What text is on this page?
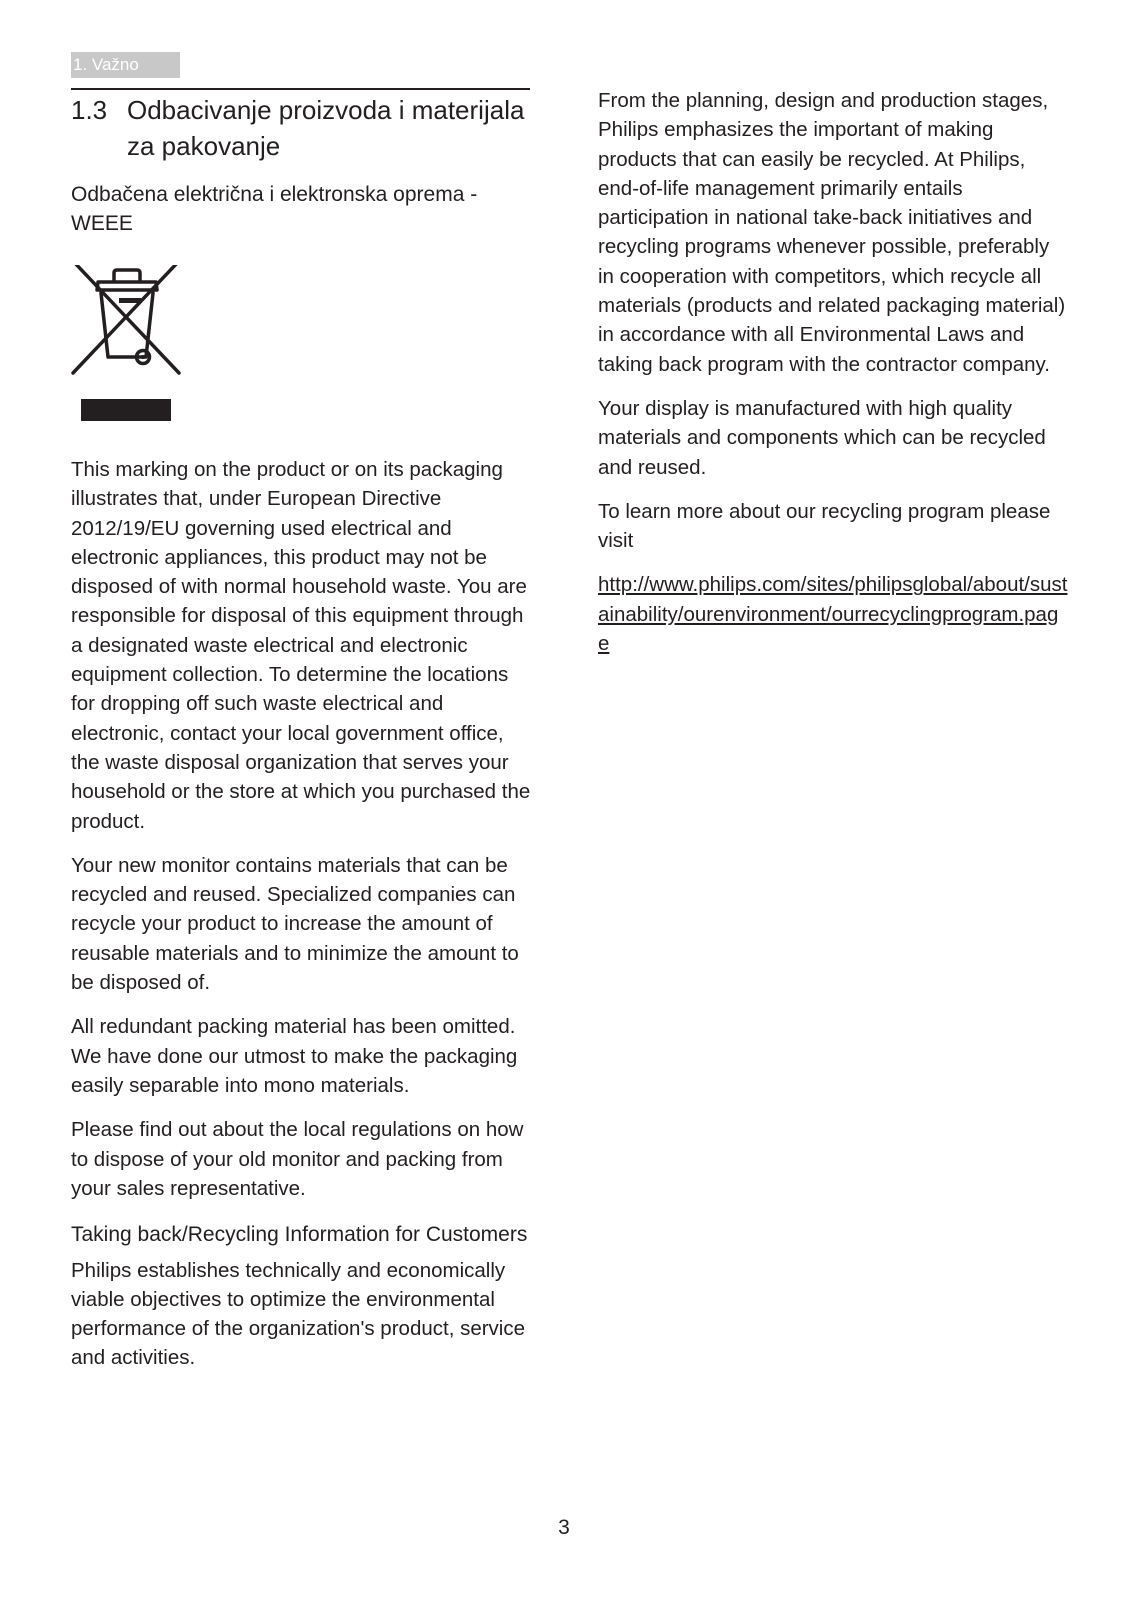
1. Važno
1.3 Odbacivanje proizvoda i materijala za pakovanje
Odbačena električna i elektronska oprema - WEEE

This marking on the product or on its packaging illustrates that, under European Directive 2012/19/EU governing used electrical and electronic appliances, this product may not be disposed of with normal household waste. You are responsible for disposal of this equipment through a designated waste electrical and electronic equipment collection. To determine the locations for dropping off such waste electrical and electronic, contact your local government office, the waste disposal organization that serves your household or the store at which you purchased the product.

Your new monitor contains materials that can be recycled and reused. Specialized companies can recycle your product to increase the amount of reusable materials and to minimize the amount to be disposed of.

All redundant packing material has been omitted. We have done our utmost to make the packaging easily separable into mono materials.

Please find out about the local regulations on how to dispose of your old monitor and packing from your sales representative.

Taking back/Recycling Information for Customers

Philips establishes technically and economically viable objectives to optimize the environmental performance of the organization's product, service and activities.

From the planning, design and production stages, Philips emphasizes the important of making products that can easily be recycled. At Philips, end-of-life management primarily entails participation in national take-back initiatives and recycling programs whenever possible, preferably in cooperation with competitors, which recycle all materials (products and related packaging material) in accordance with all Environmental Laws and taking back program with the contractor company.

Your display is manufactured with high quality materials and components which can be recycled and reused.

To learn more about our recycling program please visit

http://www.philips.com/sites/philipsglobal/about/sustainability/ourenvironment/ourrecyclingprogram.page

3
